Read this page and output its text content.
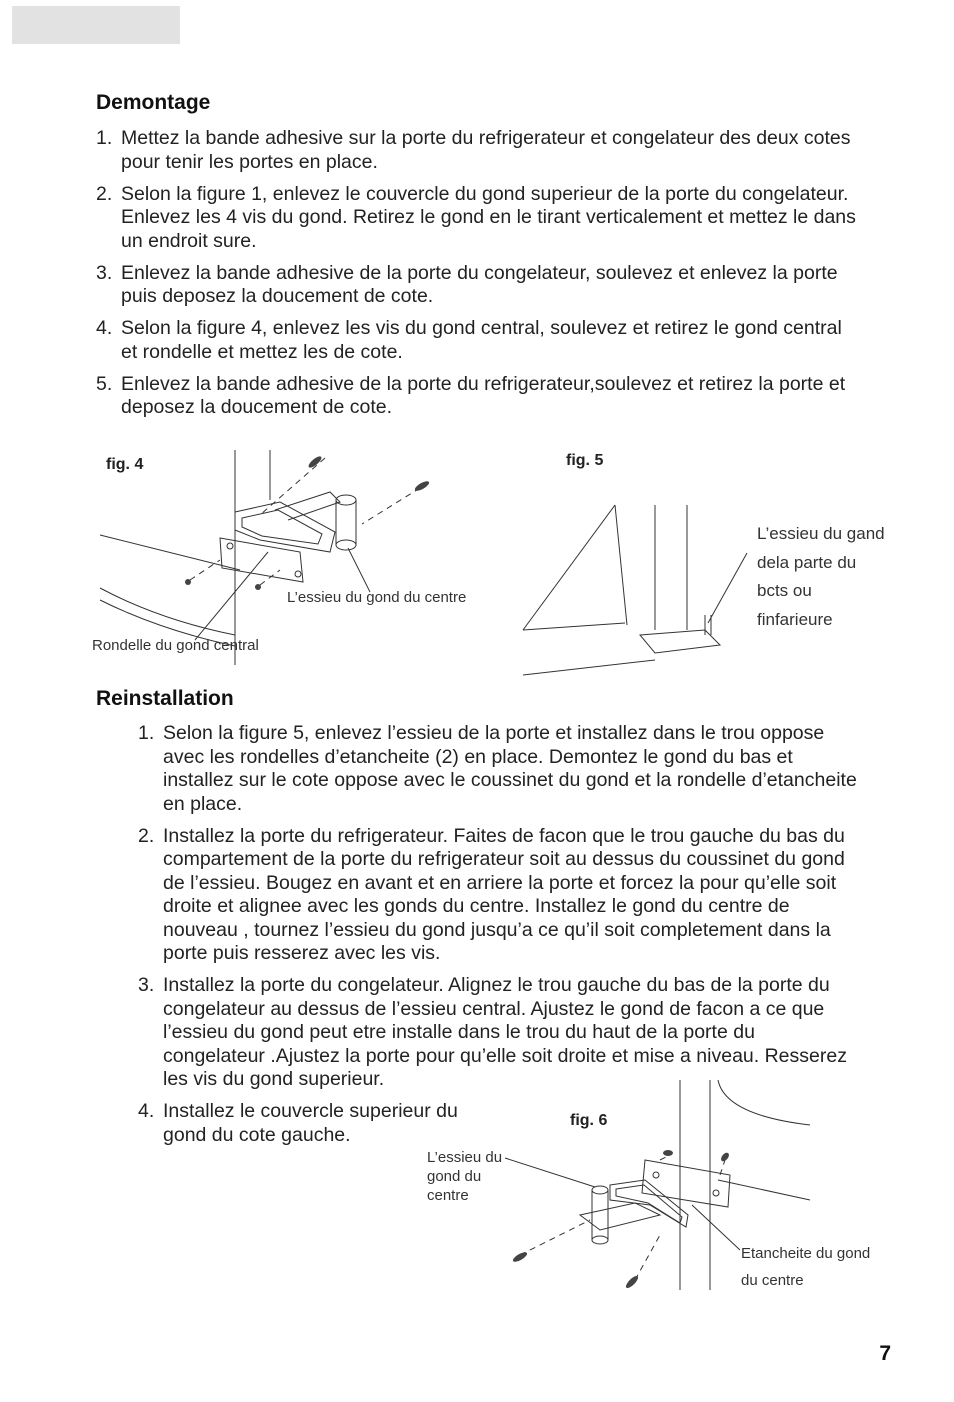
Demontage
1. Mettez la bande adhesive sur la porte du refrigerateur et congelateur des deux cotes pour tenir les portes en place.
2. Selon la figure 1, enlevez le couvercle du gond superieur de la porte du congelateur. Enlevez les 4 vis du gond. Retirez le gond en le tirant verticalement et mettez le dans un endroit sure.
3. Enlevez la bande adhesive de la porte du congelateur, soulevez et enlevez la porte puis deposez la doucement de cote.
4. Selon la figure 4, enlevez les vis du gond central, soulevez et retirez le gond central et rondelle et mettez les de cote.
5. Enlevez la bande adhesive de la porte du refrigerateur,soulevez et retirez la porte et deposez la doucement de cote.
fig. 4
L’essieu du gond du centre
Rondelle du gond central
fig. 5
L’essieu du gand dela parte du bcts ou finfarieure
Reinstallation
1. Selon la figure 5, enlevez l’essieu de la porte et installez dans le trou oppose avec les rondelles d’etancheite (2) en place. Demontez le gond du bas et installez sur le cote oppose avec le coussinet du gond et la rondelle d’etancheite en place.
2. Installez la porte du refrigerateur. Faites de facon que le trou gauche du bas du compartement de la porte du refrigerateur soit au dessus du coussinet du gond de l’essieu. Bougez en avant et en arriere la porte et forcez la pour qu’elle soit droite et alignee avec les gonds du centre. Installez le gond du centre de nouveau , tournez l’essieu du gond jusqu’a ce qu’il soit completement dans la porte puis resserez avec les vis.
3. Installez la porte du congelateur. Alignez le trou gauche du bas de la porte du congelateur au dessus de l’essieu central. Ajustez le gond de facon a ce que l’essieu du gond peut etre installe dans le trou du haut de la porte du congelateur .Ajustez la porte pour qu’elle soit droite et mise a niveau. Resserez les vis du gond superieur.
4. Installez le couvercle superieur du gond du cote gauche.
fig. 6
L’essieu du gond du centre
Etancheite du gond du centre
7
